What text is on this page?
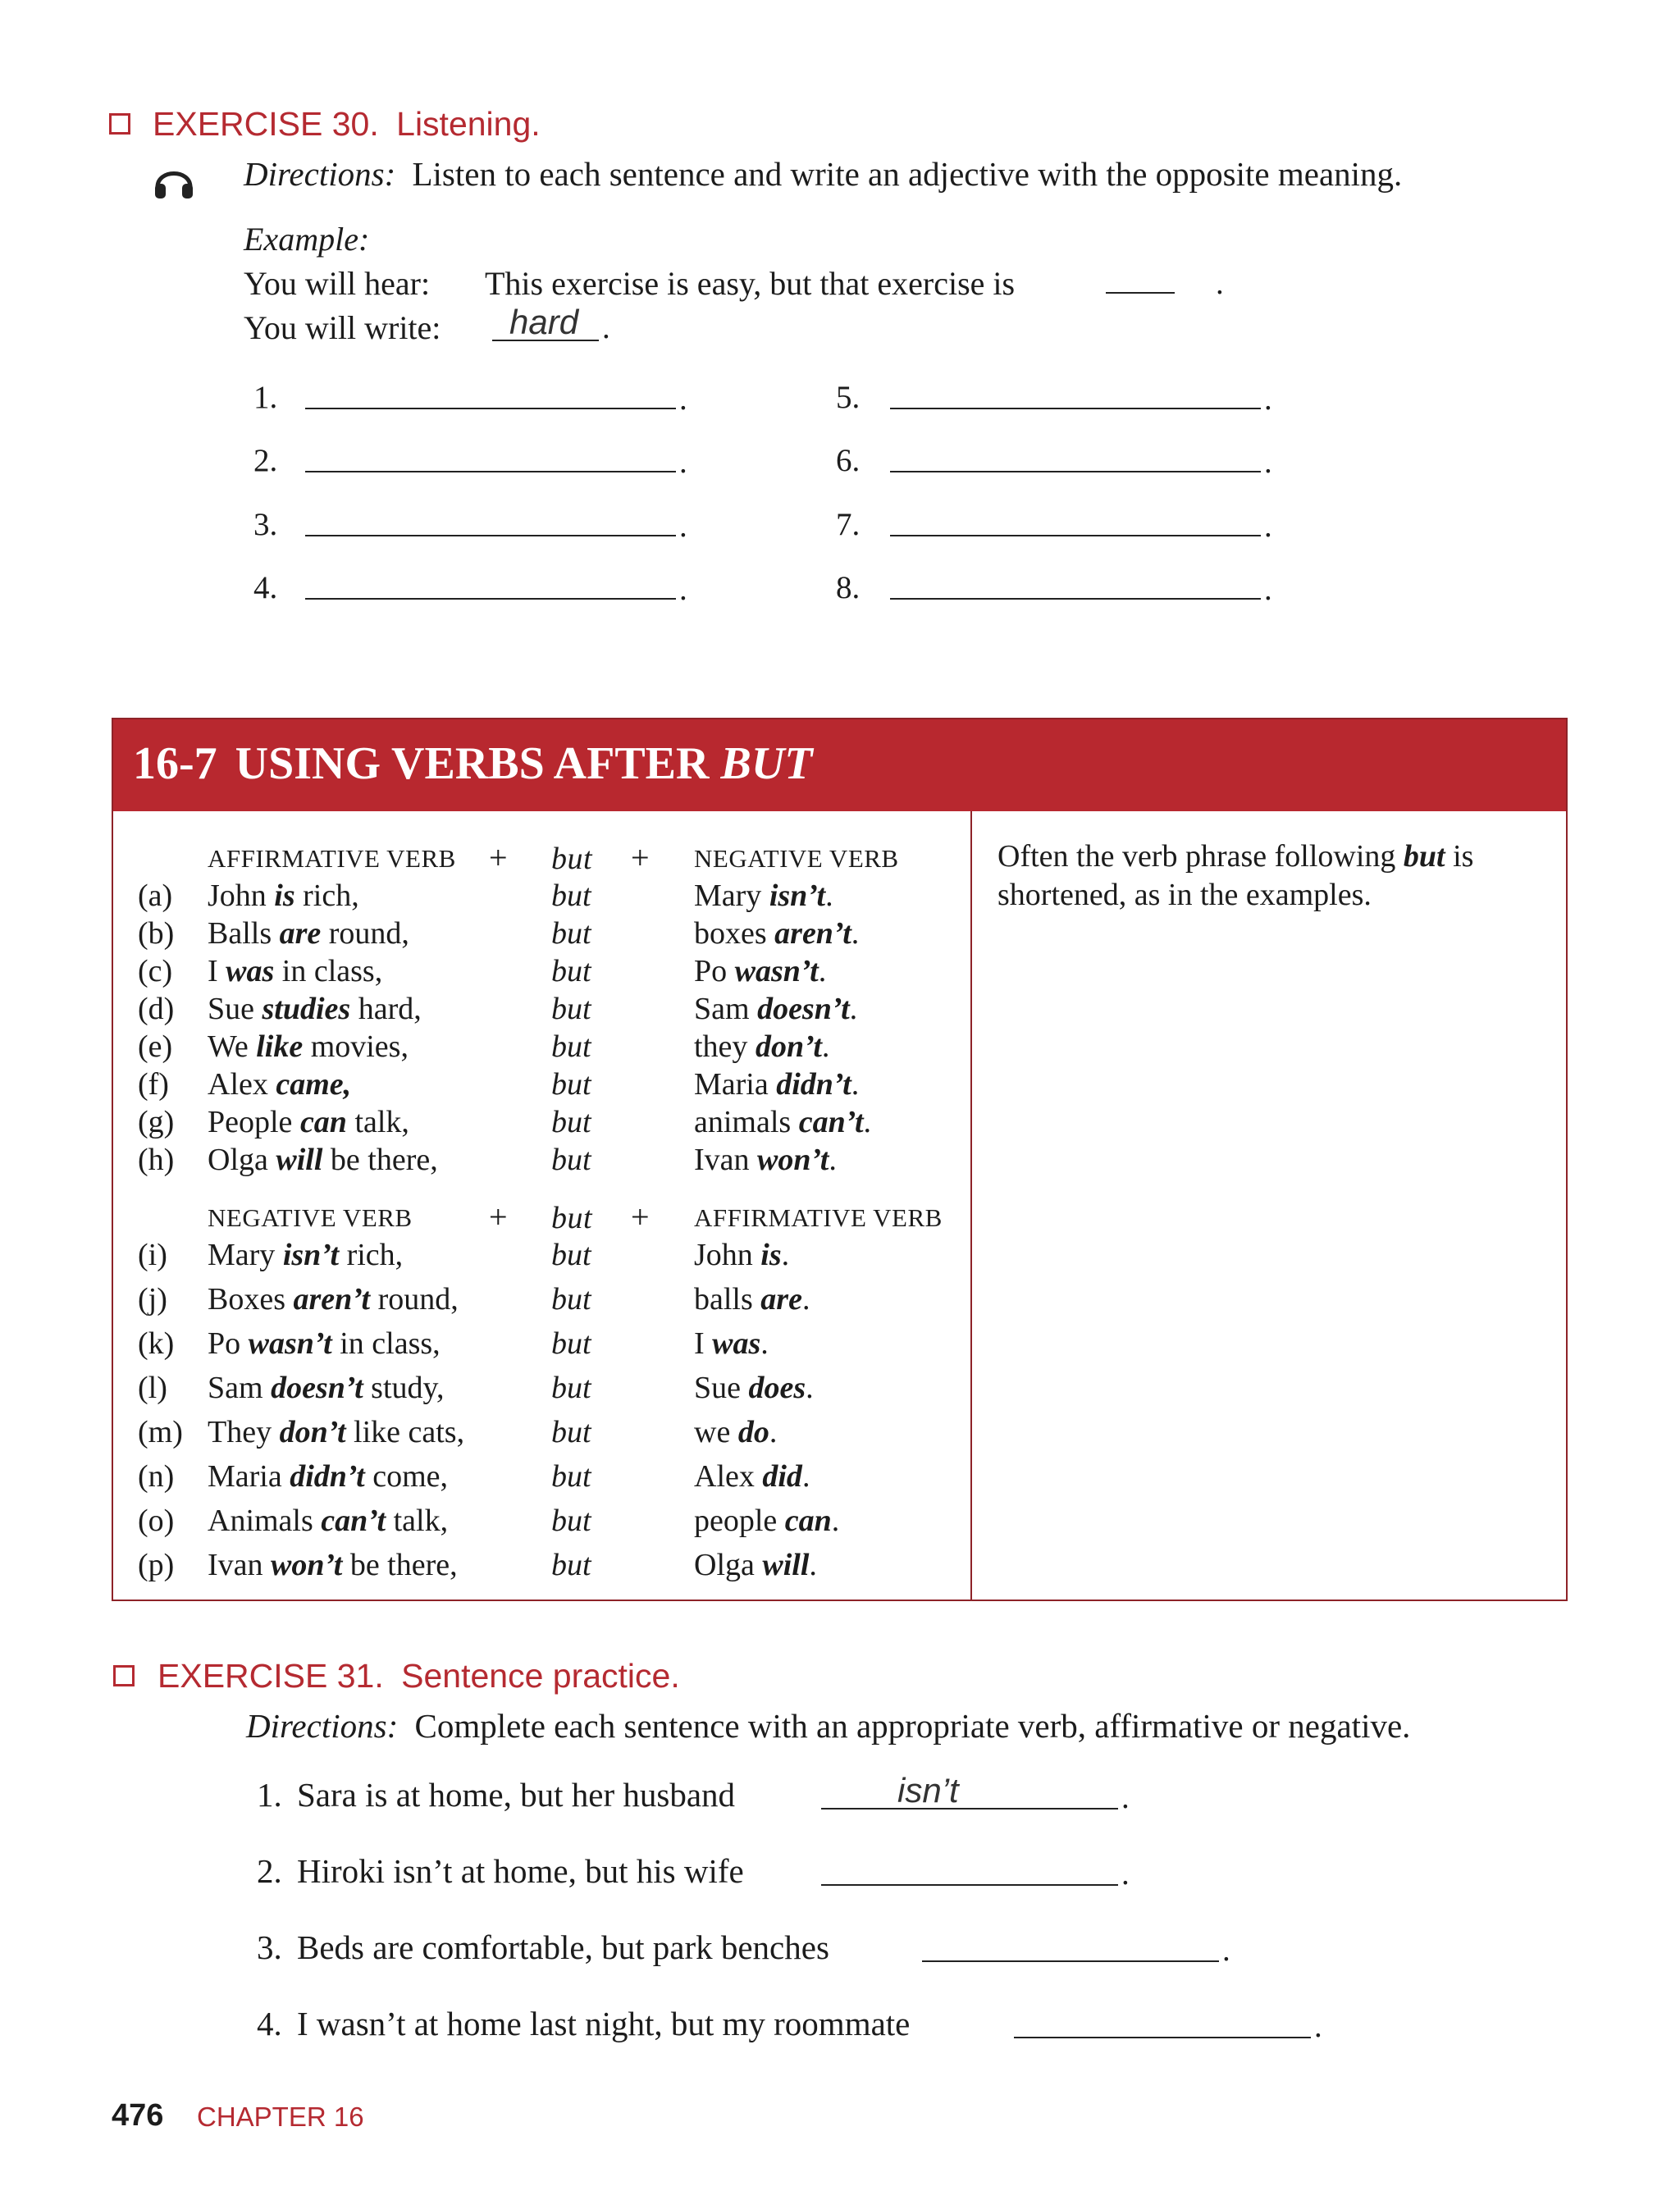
EXERCISE 30. Listening.
Directions: Listen to each sentence and write an adjective with the opposite meaning.
Example:
You will hear: This exercise is easy, but that exercise is	.
You will write: hard .
1.	.
2.	.
3.	.
4.	.
5.	.
6.	.
7.	.
8.	.
16-7 USING VERBS AFTER BUT
AFFIRMATIVE VERB + but + NEGATIVE VERB
NEGATIVE VERB + but + AFFIRMATIVE VERB
Often the verb phrase following but is
shortened, as in the examples.
(a) John is rich,	but	Mary isn’t.
(b) Balls are round,	but	boxes aren’t.
(c) I was in class,	but	Po wasn’t.
(d) Sue studies hard,	but	Sam doesn’t.
(e) We like movies,	but	they don’t.
(f) Alex came,	but	Maria didn’t.
(g) People can talk,	but	animals can’t.
(h) Olga will be there,	but	Ivan won’t.
(i) Mary isn’t rich,	but	John is.
(j) Boxes aren’t round,	but	balls are.
(k) Po wasn’t in class,	but	I was.
(l) Sam doesn’t study,	but	Sue does.
(m) They don’t like cats,	but	we do.
(n) Maria didn’t come,	but	Alex did.
(o) Animals can’t talk,	but	people can.
(p) Ivan won’t be there,	but	Olga will.
EXERCISE 31. Sentence practice.
Directions: Complete each sentence with an appropriate verb, affirmative or negative.
1. Sara is at home, but her husband	isn’t	.
2. Hiroki isn’t at home, but his wife	.
3. Beds are comfortable, but park benches	.
4. I wasn’t at home last night, but my roommate	.
476 CHAPTER 16
